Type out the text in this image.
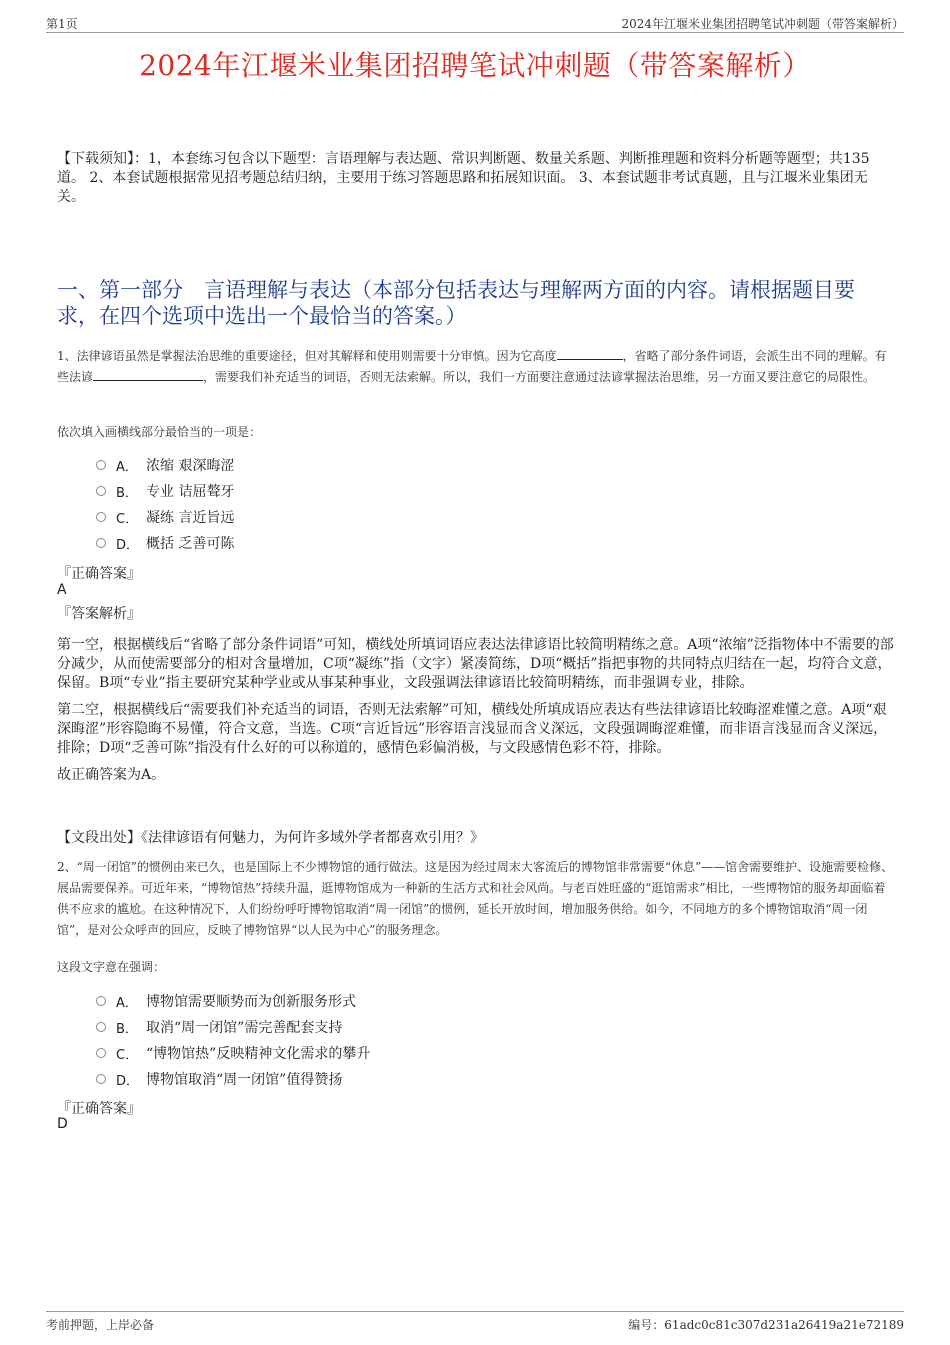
第1页	2024年江堰米业集团招聘笔试冲刺题（带答案解析）
2024年江堰米业集团招聘笔试冲刺题（带答案解析）
【下载须知】：1，本套练习包含以下题型：言语理解与表达题、常识判断题、数量关系题、判断推理题和资料分析题等题型；共135道。 2、本套试题根据常见招考题总结归纳，主要用于练习答题思路和拓展知识面。 3、本套试题非考试真题，且与江堰米业集团无关。
一、第一部分　言语理解与表达（本部分包括表达与理解两方面的内容。请根据题目要求，在四个选项中选出一个最恰当的答案。）
1、法律谚语虽然是掌握法治思维的重要途径，但对其解释和使用则需要十分审慎。因为它高度	，省略了部分条件词语，会派生出不同的理解。有些法谚	，需要我们补充适当的词语，否则无法索解。所以，我们一方面要注意通过法谚掌握法治思维，另一方面又要注意它的局限性。
依次填入画横线部分最恰当的一项是：
A． 浓缩 艰深晦涩
B． 专业 诘屈聱牙
C． 凝练 言近旨远
D． 概括 乏善可陈
『正确答案』
A
『答案解析』

第一空，根据横线后“省略了部分条件词语”可知，横线处所填词语应表达法律谚语比较简明精练之意。A项“浓缩”泛指物体中不需要的部分减少，从而使需要部分的相对含量增加，C项“凝练”指（文字）紧凑简练，D项“概括”指把事物的共同特点归结在一起，均符合文意，保留。B项“专业”指主要研究某种学业或从事某种事业，文段强调法律谚语比较简明精练，而非强调专业，排除。

第二空，根据横线后“需要我们补充适当的词语，否则无法索解”可知，横线处所填成语应表达有些法律谚语比较晦涩难懂之意。A项“艰深晦涩”形容隐晦不易懂，符合文意，当选。C项“言近旨远”形容语言浅显而含义深远，文段强调晦涩难懂，而非语言浅显而含义深远，排除；D项“乏善可陈”指没有什么好的可以称道的，感情色彩偏消极，与文段感情色彩不符，排除。

故正确答案为A。

【文段出处】《法律谚语有何魅力，为何许多域外学者都喜欢引用？》
2、“周一闭馆”的惯例由来已久，也是国际上不少博物馆的通行做法。这是因为经过周末大客流后的博物馆非常需要“休息”——馆舍需要维护、设施需要检修、展品需要保养。可近年来，“博物馆热”持续升温，逛博物馆成为一种新的生活方式和社会风尚。与老百姓旺盛的“逛馆需求”相比，一些博物馆的服务却面临着供不应求的尴尬。在这种情况下，人们纷纷呼吁博物馆取消“周一闭馆”的惯例，延长开放时间，增加服务供给。如今，不同地方的多个博物馆取消“周一闭馆”，是对公众呼声的回应，反映了博物馆界“以人民为中心”的服务理念。
这段文字意在强调：
A． 博物馆需要顺势而为创新服务形式
B． 取消“周一闭馆”需完善配套支持
C． “博物馆热”反映精神文化需求的攀升
D． 博物馆取消“周一闭馆”值得赞扬
『正确答案』
D
考前押题，上岸必备	编号：61adc0c81c307d231a26419a21e72189
